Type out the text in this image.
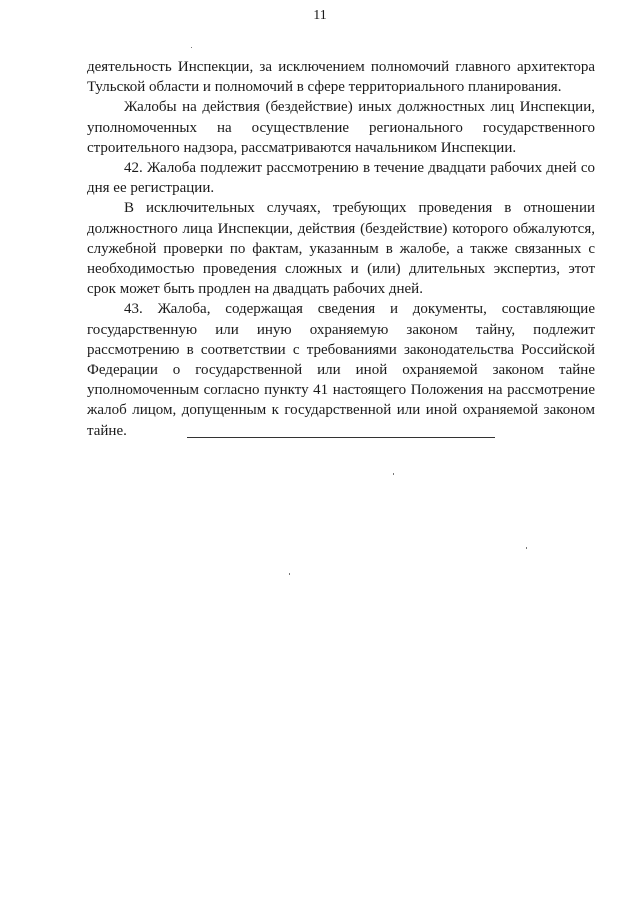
11

деятельность Инспекции, за исключением полномочий главного архитектора Тульской области и полномочий в сфере территориального планирования.

Жалобы на действия (бездействие) иных должностных лиц Инспекции, уполномоченных на осуществление регионального государственного строительного надзора, рассматриваются начальником Инспекции.

42. Жалоба подлежит рассмотрению в течение двадцати рабочих дней со дня ее регистрации.

В исключительных случаях, требующих проведения в отношении должностного лица Инспекции, действия (бездействие) которого обжалуются, служебной проверки по фактам, указанным в жалобе, а также связанных с необходимостью проведения сложных и (или) длительных экспертиз, этот срок может быть продлен на двадцать рабочих дней.

43. Жалоба, содержащая сведения и документы, составляющие государственную или иную охраняемую законом тайну, подлежит рассмотрению в соответствии с требованиями законодательства Российской Федерации о государственной или иной охраняемой законом тайне уполномоченным согласно пункту 41 настоящего Положения на рассмотрение жалоб лицом, допущенным к государственной или иной охраняемой законом тайне.
